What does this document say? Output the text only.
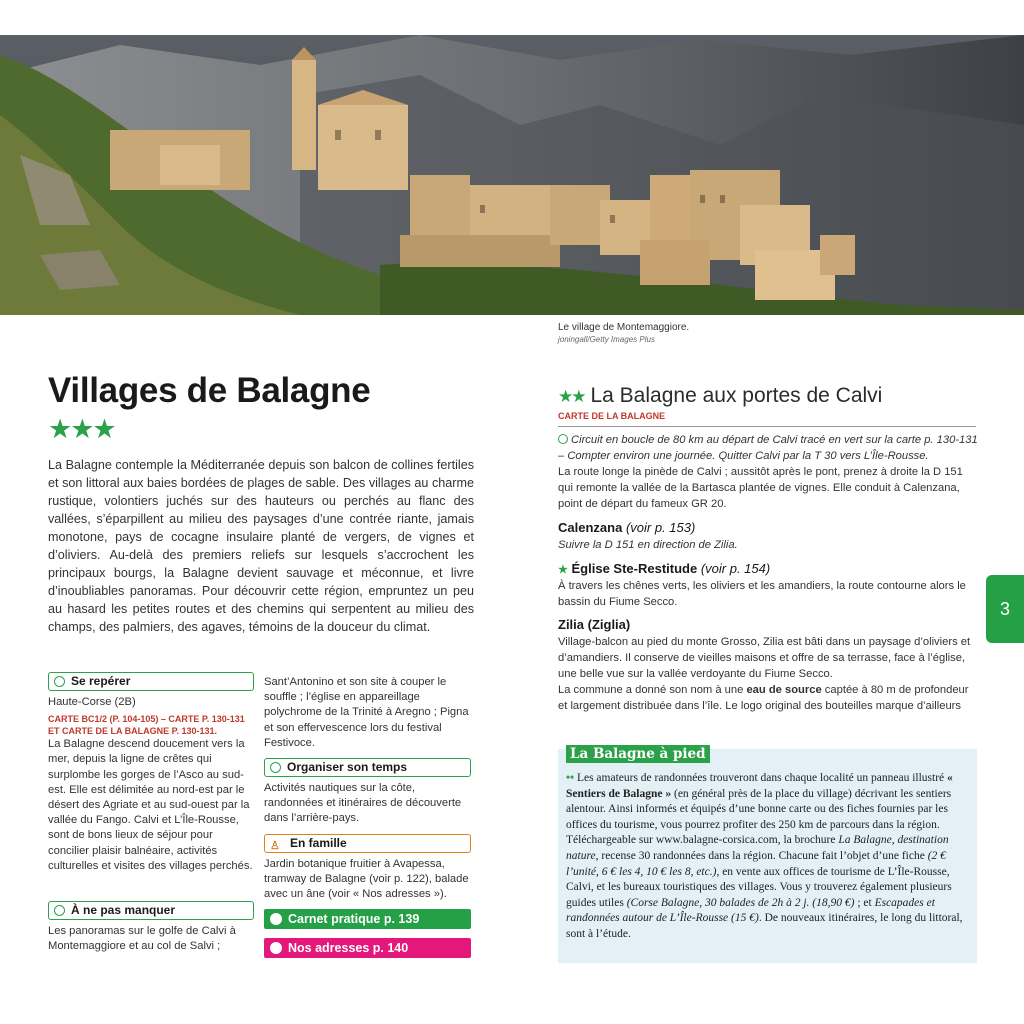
Le village de Montemaggiore.
joningall/Getty Images Plus
Villages de Balagne
★★★
La Balagne contemple la Méditerranée depuis son balcon de collines fertiles et son littoral aux baies bordées de plages de sable. Des villages au charme rustique, volontiers juchés sur des hauteurs ou perchés au flanc des vallées, s’éparpillent au milieu des paysages d’une contrée riante, jamais monotone, pays de cocagne insulaire planté de vergers, de vignes et d’oliviers. Au-delà des premiers reliefs sur lesquels s’accrochent les principaux bourgs, la Balagne devient sauvage et méconnue, et livre d’inoubliables panoramas. Pour découvrir cette région, empruntez un peu au hasard les petites routes et des chemins qui serpentent au milieu des champs, des palmiers, des agaves, témoins de la douceur du climat.
Se repérer
Haute-Corse (2B)
CARTE BC1/2 (P. 104-105) – CARTE P. 130-131 ET CARTE DE LA BALAGNE P. 130-131.
La Balagne descend doucement vers la mer, depuis la ligne de crêtes qui surplombe les gorges de l’Asco au sud-est. Elle est délimitée au nord-est par le désert des Agriate et au sud-ouest par la vallée du Fango. Calvi et L’Île-Rousse, sont de bons lieux de séjour pour concilier plaisir balnéaire, activités culturelles et visites des villages perchés.
À ne pas manquer
Les panoramas sur le golfe de Calvi à Montemaggiore et au col de Salvi ;
Sant’Antonino et son site à couper le souffle ; l’église en appareillage polychrome de la Trinité à Aregno ; Pigna et son effervescence lors du festival Festivoce.
Organiser son temps
Activités nautiques sur la côte, randonnées et itinéraires de découverte dans l’arrière-pays.
♙ En famille
Jardin botanique fruitier à Avapessa, tramway de Balagne (voir p. 122), balade avec un âne (voir « Nos adresses »).
Carnet pratique p. 139
Nos adresses p. 140
★★ La Balagne aux portes de Calvi
CARTE DE LA BALAGNE
Circuit en boucle de 80 km au départ de Calvi tracé en vert sur la carte p. 130-131 – Compter environ une journée. Quitter Calvi par la T 30 vers L’Île-Rousse.
La route longe la pinède de Calvi ; aussitôt après le pont, prenez à droite la D 151 qui remonte la vallée de la Bartasca plantée de vignes. Elle conduit à Calenzana, point de départ du fameux GR 20.
Calenzana (voir p. 153)
Suivre la D 151 en direction de Zilia.
★ Église Ste-Restitude (voir p. 154)
À travers les chênes verts, les oliviers et les amandiers, la route contourne alors le bassin du Fiume Secco.
Zilia (Ziglia)
Village-balcon au pied du monte Grosso, Zilia est bâti dans un paysage d’oliviers et d’amandiers. Il conserve de vieilles maisons et offre de sa terrasse, face à l’église, une belle vue sur la vallée verdoyante du Fiume Secco.
La commune a donné son nom à une eau de source captée à 80 m de profondeur et largement distribuée dans l’île. Le logo original des bouteilles marque d’ailleurs
3
La Balagne à pied
•• Les amateurs de randonnées trouveront dans chaque localité un panneau illustré « Sentiers de Balagne » (en général près de la place du village) décrivant les sentiers alentour. Ainsi informés et équipés d’une bonne carte ou des fiches fournies par les offices du tourisme, vous pourrez profiter des 250 km de parcours dans la région.
Téléchargeable sur www.balagne-corsica.com, la brochure La Balagne, destination nature, recense 30 randonnées dans la région. Chacune fait l’objet d’une fiche (2 € l’unité, 6 € les 4, 10 € les 8, etc.), en vente aux offices de tourisme de L’Île-Rousse, Calvi, et les bureaux touristiques des villages. Vous y trouverez également plusieurs guides utiles (Corse Balagne, 30 balades de 2h à 2 j. (18,90 €) ; et Escapades et randonnées autour de L’Île-Rousse (15 €). De nouveaux itinéraires, le long du littoral, sont à l’étude.
